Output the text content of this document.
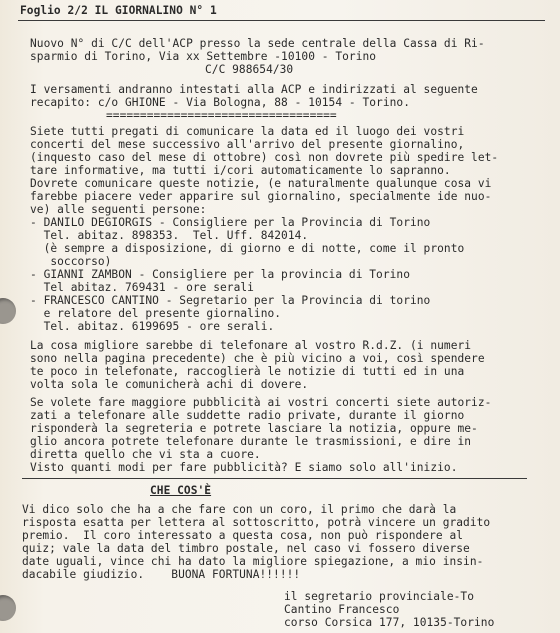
Foglio 2/2 IL GIORNALINO N° 1
Nuovo N° di C/C dell'ACP presso la sede centrale della Cassa di Ri-
sparmio di Torino, Via xx Settembre -10100 - Torino
C/C 988654/30
I versamenti andranno intestati alla ACP e indirizzati al seguente
recapito: c/o GHIONE - Via Bologna, 88 - 10154 - Torino.
==================================
Siete tutti pregati di comunicare la data ed il luogo dei vostri
concerti del mese successivo all'arrivo del presente giornalino,
(inquesto caso del mese di ottobre) così non dovrete più spedire let-
tare informative, ma tutti i/cori automaticamente lo sapranno.
Dovrete comunicare queste notizie, (e naturalmente qualunque cosa vi
farebbe piacere veder apparire sul giornalino, specialmente ide nuo-
ve) alle seguenti persone:
- DANILO DEGIORGIS - Consigliere per la Provincia di Torino
Tel. abitaz. 898353.  Tel. Uff. 842014.
(è sempre a disposizione, di giorno e di notte, come il pronto
soccorso)
- GIANNI ZAMBON - Consigliere per la provincia di Torino
Tel abitaz. 769431 - ore serali
- FRANCESCO CANTINO - Segretario per la Provincia di torino
e relatore del presente giornalino.
Tel. abitaz. 6199695 - ore serali.
La cosa migliore sarebbe di telefonare al vostro R.d.Z. (i numeri
sono nella pagina precedente) che è più vicino a voi, così spendere
te poco in telefonate, raccoglierà le notizie di tutti ed in una
volta sola le comunicherà achi di dovere.
Se volete fare maggiore pubblicità ai vostri concerti siete autoriz-
zati a telefonare alle suddette radio private, durante il giorno
risponderà la segreteria e potrete lasciare la notizia, oppure me-
glio ancora potrete telefonare durante le trasmissioni, e dire in
diretta quello che vi sta a cuore.
Visto quanti modi per fare pubblicità? E siamo solo all'inizio.
CHE COS'È
Vi dico solo che ha a che fare con un coro, il primo che darà la
risposta esatta per lettera al sottoscritto, potrà vincere un gradito
premio.  Il coro interessato a questa cosa, non può rispondere al
quiz; vale la data del timbro postale, nel caso vi fossero diverse
date uguali, vince chi ha dato la migliore spiegazione, a mio insin-
dacabile giudizio.    BUONA FORTUNA!!!!!!
il segretario provinciale-To
Cantino Francesco
corso Corsica 177, 10135-Torino
